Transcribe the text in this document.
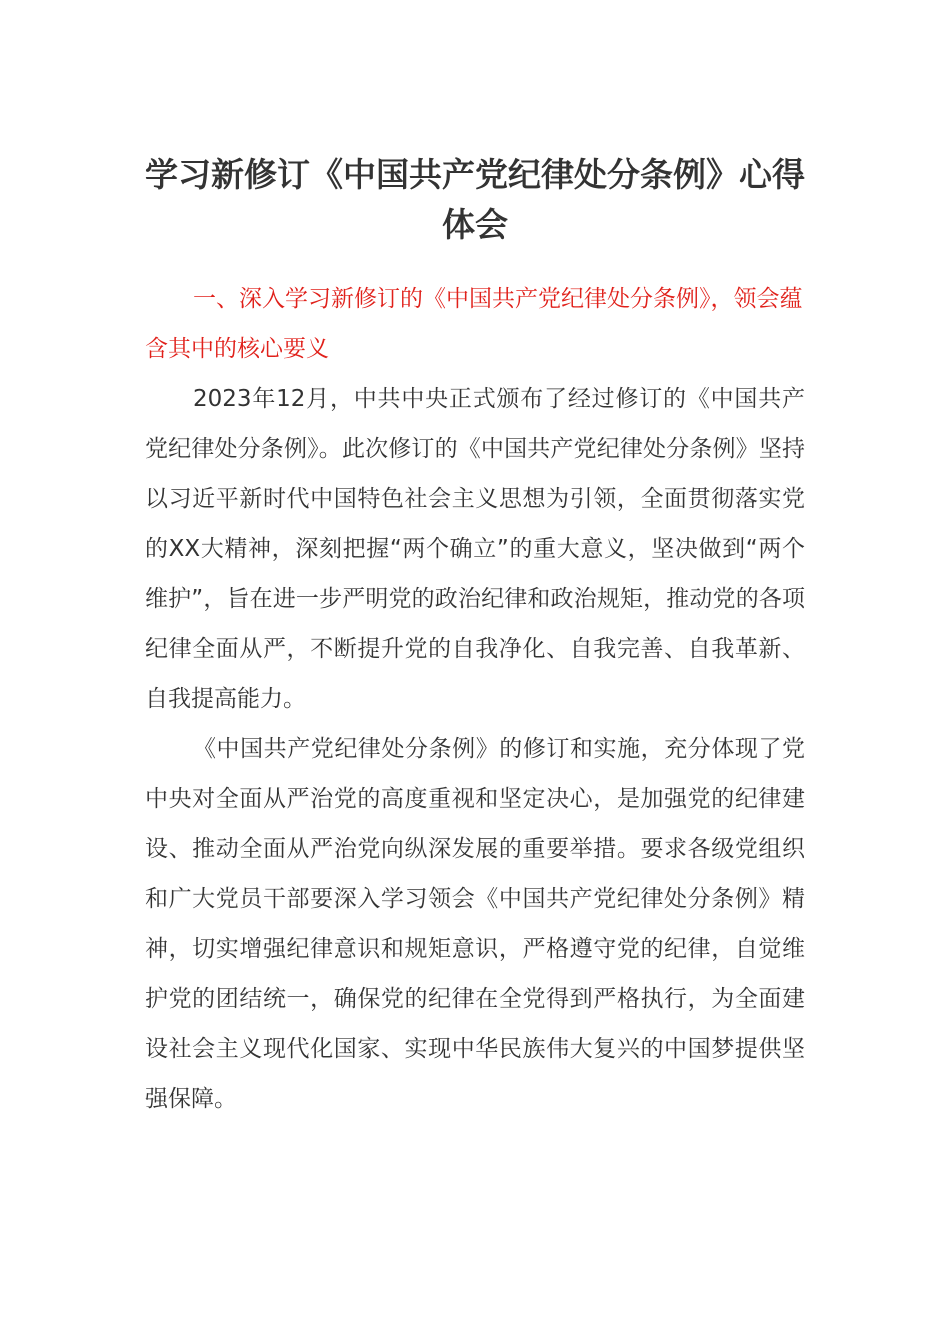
学习新修订《中国共产党纪律处分条例》心得体会

一、深入学习新修订的《中国共产党纪律处分条例》，领会蕴含其中的核心要义

2023年12月，中共中央正式颁布了经过修订的《中国共产党纪律处分条例》。此次修订的《中国共产党纪律处分条例》坚持以习近平新时代中国特色社会主义思想为引领，全面贯彻落实党的XX大精神，深刻把握“两个确立”的重大意义，坚决做到“两个维护”，旨在进一步严明党的政治纪律和政治规矩，推动党的各项纪律全面从严，不断提升党的自我净化、自我完善、自我革新、自我提高能力。

《中国共产党纪律处分条例》的修订和实施，充分体现了党中央对全面从严治党的高度重视和坚定决心，是加强党的纪律建设、推动全面从严治党向纵深发展的重要举措。要求各级党组织和广大党员干部要深入学习领会《中国共产党纪律处分条例》精神，切实增强纪律意识和规矩意识，严格遵守党的纪律，自觉维护党的团结统一，确保党的纪律在全党得到严格执行，为全面建设社会主义现代化国家、实现中华民族伟大复兴的中国梦提供坚强保障。
